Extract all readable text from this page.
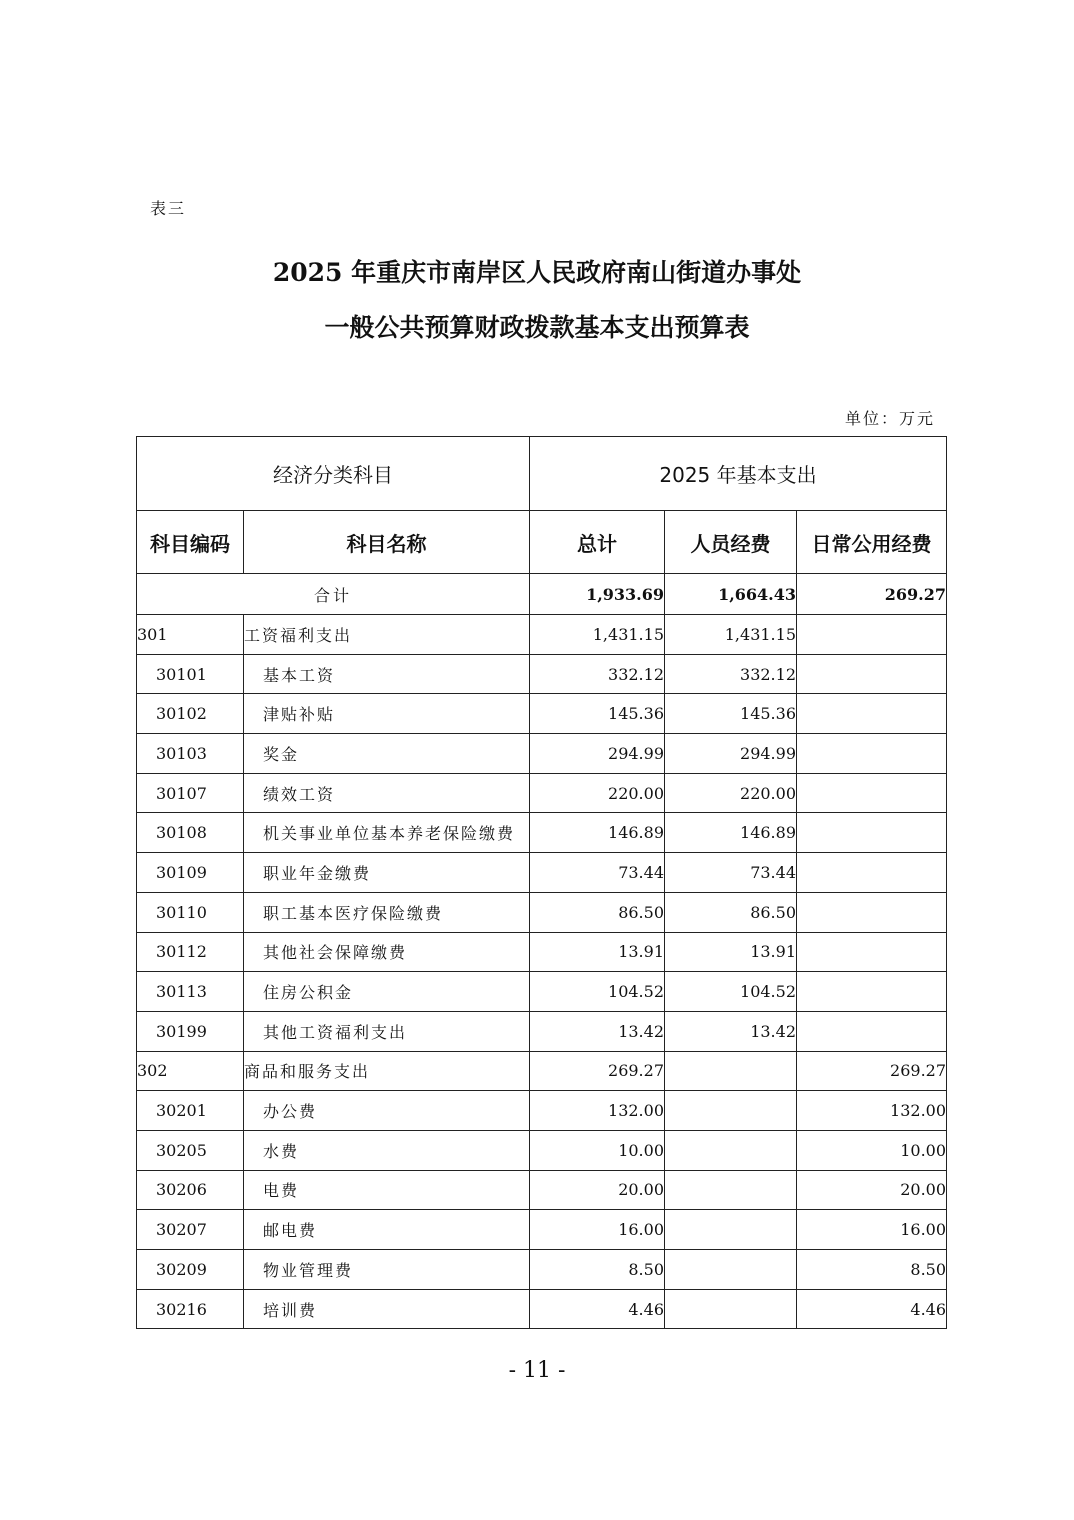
表三
2025 年重庆市南岸区人民政府南山街道办事处
一般公共预算财政拨款基本支出预算表
单位：万元
经济分类科目		2025 年基本支出		
科目编码	科目名称	总计	人员经费	日常公用经费
合计		1,933.69	1,664.43	269.27
301	工资福利支出	1,431.15	1,431.15	
30101	基本工资	332.12	332.12	
30102	津贴补贴	145.36	145.36	
30103	奖金	294.99	294.99	
30107	绩效工资	220.00	220.00	
30108	机关事业单位基本养老保险缴费	146.89	146.89	
30109	职业年金缴费	73.44	73.44	
30110	职工基本医疗保险缴费	86.50	86.50	
30112	其他社会保障缴费	13.91	13.91	
30113	住房公积金	104.52	104.52	
30199	其他工资福利支出	13.42	13.42	
302	商品和服务支出	269.27		269.27
30201	办公费	132.00		132.00
30205	水费	10.00		10.00
30206	电费	20.00		20.00
30207	邮电费	16.00		16.00
30209	物业管理费	8.50		8.50
30216	培训费	4.46		4.46
- 11 -
